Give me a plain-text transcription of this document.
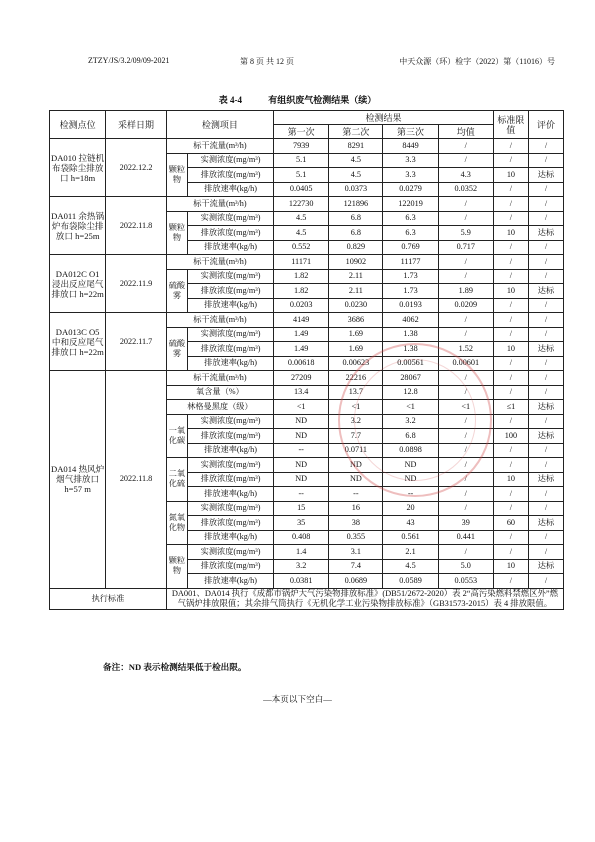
ZTZY/JS/3.2/09/09-2021	第 8 页 共 12 页	中天众源（环）检字（2022）第（11016）号
表 4-4	有组织废气检测结果（续）
检测点位	采样日期	检测项目		检测结果				标准限值	评价
				第一次	第二次	第三次	均值		
DA010 拉链机布袋除尘排放口 h=18m	2022.12.2	标干流量(m³/h)		7939	8291	8449	/	/	/
		颗粒物	实测浓度(mg/m³)	5.1	4.5	3.3	/	/	/
			排放浓度(mg/m³)	5.1	4.5	3.3	4.3	10	达标
			排放速率(kg/h)	0.0405	0.0373	0.0279	0.0352	/	/
DA011 余热锅炉布袋除尘排放口 h=25m	2022.11.8	标干流量(m³/h)		122730	121896	122019	/	/	/
		颗粒物	实测浓度(mg/m³)	4.5	6.8	6.3	/	/	/
			排放浓度(mg/m³)	4.5	6.8	6.3	5.9	10	达标
			排放速率(kg/h)	0.552	0.829	0.769	0.717	/	/
DA012C O1 浸出反应尾气排放口 h=22m	2022.11.9	标干流量(m³/h)		11171	10902	11177	/	/	/
		硫酸雾	实测浓度(mg/m³)	1.82	2.11	1.73	/	/	/
			排放浓度(mg/m³)	1.82	2.11	1.73	1.89	10	达标
			排放速率(kg/h)	0.0203	0.0230	0.0193	0.0209	/	/
DA013C O5 中和反应尾气排放口 h=22m	2022.11.7	标干流量(m³/h)		4149	3686	4062	/	/	/
		硫酸雾	实测浓度(mg/m³)	1.49	1.69	1.38	/	/	/
			排放浓度(mg/m³)	1.49	1.69	1.38	1.52	10	达标
			排放速率(kg/h)	0.00618	0.00623	0.00561	0.00601	/	/
DA014 热风炉烟气排放口 h=57 m	2022.11.8	标干流量(m³/h)		27209	22216	28067	/	/	/
		氧含量（%）		13.4	13.7	12.8	/	/	/
		林格曼黑度（级）		<1	<1	<1	<1	≤1	达标
		一氧化碳	实测浓度(mg/m³)	ND	3.2	3.2	/	/	/
			排放浓度(mg/m³)	ND	7.7	6.8	/	100	达标
			排放速率(kg/h)	--	0.0711	0.0898	/	/	/
		二氧化硫	实测浓度(mg/m³)	ND	ND	ND	/	/	/
			排放浓度(mg/m³)	ND	ND	ND	/	10	达标
			排放速率(kg/h)	--	--	--	/	/	/
		氮氧化物	实测浓度(mg/m³)	15	16	20	/	/	/
			排放浓度(mg/m³)	35	38	43	39	60	达标
			排放速率(kg/h)	0.408	0.355	0.561	0.441	/	/
		颗粒物	实测浓度(mg/m³)	1.4	3.1	2.1	/	/	/
			排放浓度(mg/m³)	3.2	7.4	4.5	5.0	10	达标
			排放速率(kg/h)	0.0381	0.0689	0.0589	0.0553	/	/
执行标准		DA001、DA014 执行《成都市锅炉大气污染物排放标准》(DB51/2672-2020）表 2“高污染燃料禁燃区外”燃气锅炉排放限值；其余排气筒执行《无机化学工业污染物排放标准》（GB31573-2015）表 4 排放限值。							
备注：ND 表示检测结果低于检出限。
—本页以下空白—
